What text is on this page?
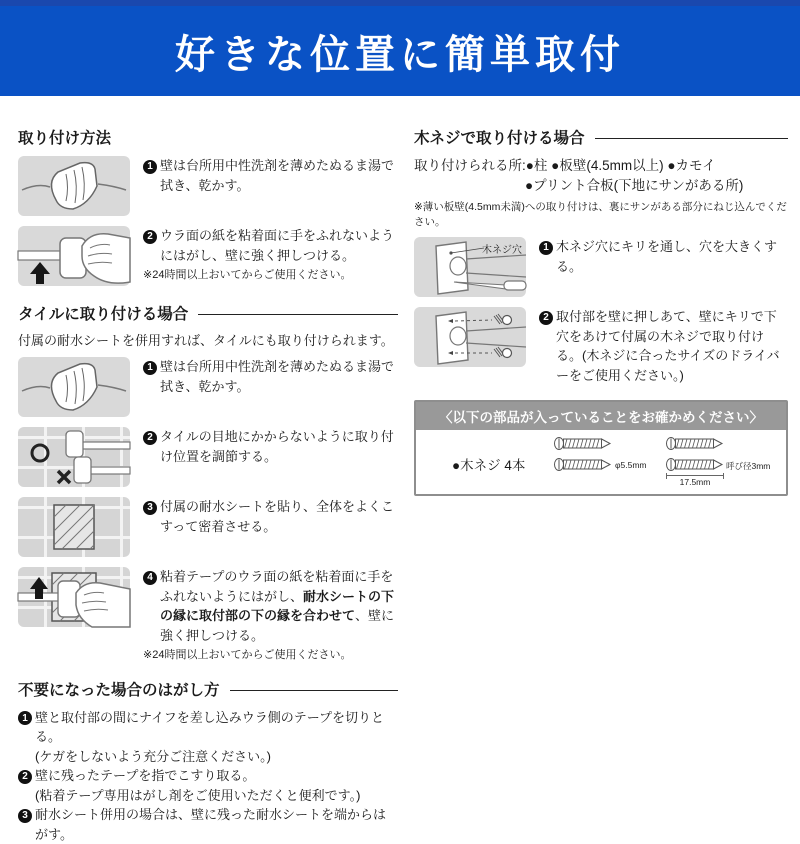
好きな位置に簡単取付
取り付け方法
1 壁は台所用中性洗剤を薄めたぬるま湯で拭き、乾かす。
2 ウラ面の紙を粘着面に手をふれないようにはがし、壁に強く押しつける。
※24時間以上おいてからご使用ください。
タイルに取り付ける場合
付属の耐水シートを併用すれば、タイルにも取り付けられます。
1 壁は台所用中性洗剤を薄めたぬるま湯で拭き、乾かす。
2 タイルの目地にかからないように取り付け位置を調節する。
3 付属の耐水シートを貼り、全体をよくこすって密着させる。
4 粘着テープのウラ面の紙を粘着面に手をふれないようにはがし、耐水シートの下の縁に取付部の下の縁を合わせて、壁に強く押しつける。
※24時間以上おいてからご使用ください。
不要になった場合のはがし方
1 壁と取付部の間にナイフを差し込みウラ側のテープを切りとる。
(ケガをしないよう充分ご注意ください。)
2 壁に残ったテープを指でこすり取る。
(粘着テープ専用はがし剤をご使用いただくと便利です。)
3 耐水シート併用の場合は、壁に残った耐水シートを端からはがす。
木ネジで取り付ける場合
取り付けられる所:●柱 ●板壁(4.5mm以上) ●カモイ
●プリント合板(下地にサンがある所)
※薄い板壁(4.5mm未満)への取り付けは、裏にサンがある部分にねじ込んでください。
木ネジ穴	1 木ネジ穴にキリを通し、穴を大きくする。
2 取付部を壁に押しあて、壁にキリで下穴をあけて付属の木ネジで取り付ける。(木ネジに合ったサイズのドライバーをご使用ください。)
〈以下の部品が入っていることをお確かめください〉
●木ネジ 4本	φ5.5mm	呼び径3mm
17.5mm
